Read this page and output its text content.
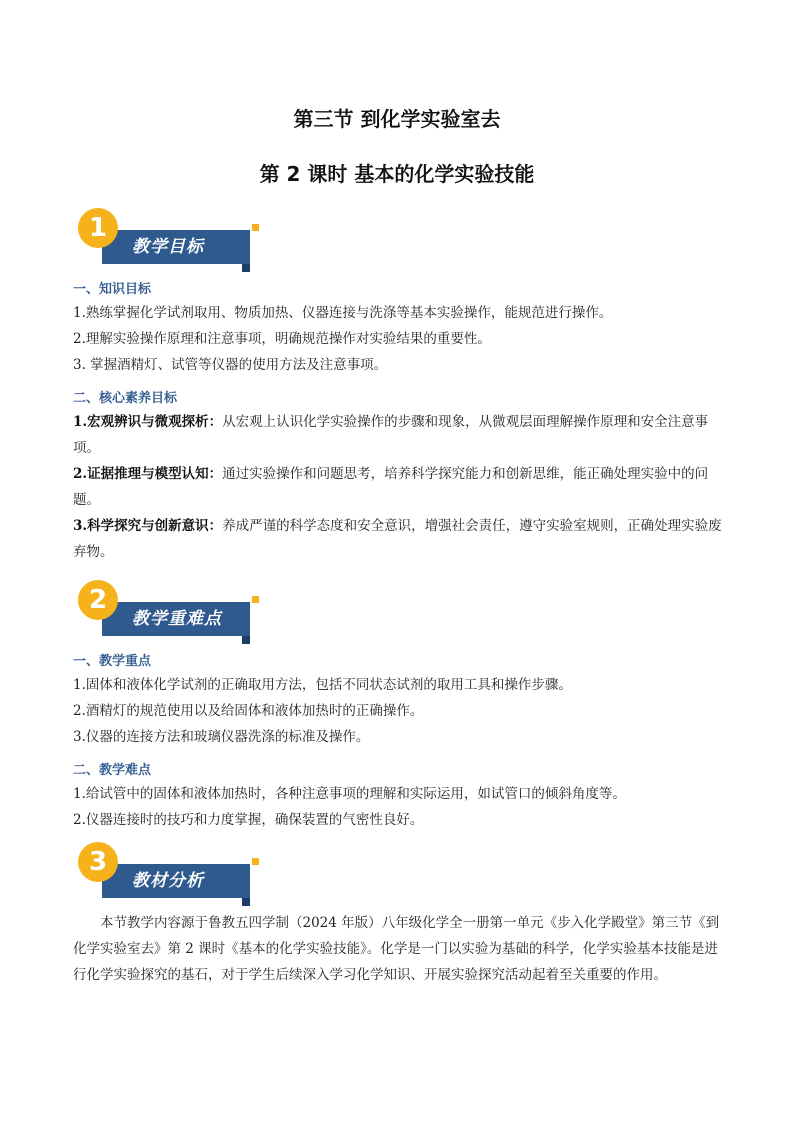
第三节 到化学实验室去
第 2 课时 基本的化学实验技能
1
教学目标
一、知识目标
1.熟练掌握化学试剂取用、物质加热、仪器连接与洗涤等基本实验操作，能规范进行操作。
2.理解实验操作原理和注意事项，明确规范操作对实验结果的重要性。
3. 掌握酒精灯、试管等仪器的使用方法及注意事项。
二、核心素养目标
1.宏观辨识与微观探析：从宏观上认识化学实验操作的步骤和现象，从微观层面理解操作原理和安全注意事项。
2.证据推理与模型认知：通过实验操作和问题思考，培养科学探究能力和创新思维，能正确处理实验中的问题。
3.科学探究与创新意识：养成严谨的科学态度和安全意识，增强社会责任，遵守实验室规则，正确处理实验废弃物。
2
教学重难点
一、教学重点
1.固体和液体化学试剂的正确取用方法，包括不同状态试剂的取用工具和操作步骤。
2.酒精灯的规范使用以及给固体和液体加热时的正确操作。
3.仪器的连接方法和玻璃仪器洗涤的标准及操作。
二、教学难点
1.给试管中的固体和液体加热时，各种注意事项的理解和实际运用，如试管口的倾斜角度等。
2.仪器连接时的技巧和力度掌握，确保装置的气密性良好。
3
教材分析
本节教学内容源于鲁教五四学制（2024 年版）八年级化学全一册第一单元《步入化学殿堂》第三节《到化学实验室去》第 2 课时《基本的化学实验技能》。化学是一门以实验为基础的科学，化学实验基本技能是进行化学实验探究的基石，对于学生后续深入学习化学知识、开展实验探究活动起着至关重要的作用。
